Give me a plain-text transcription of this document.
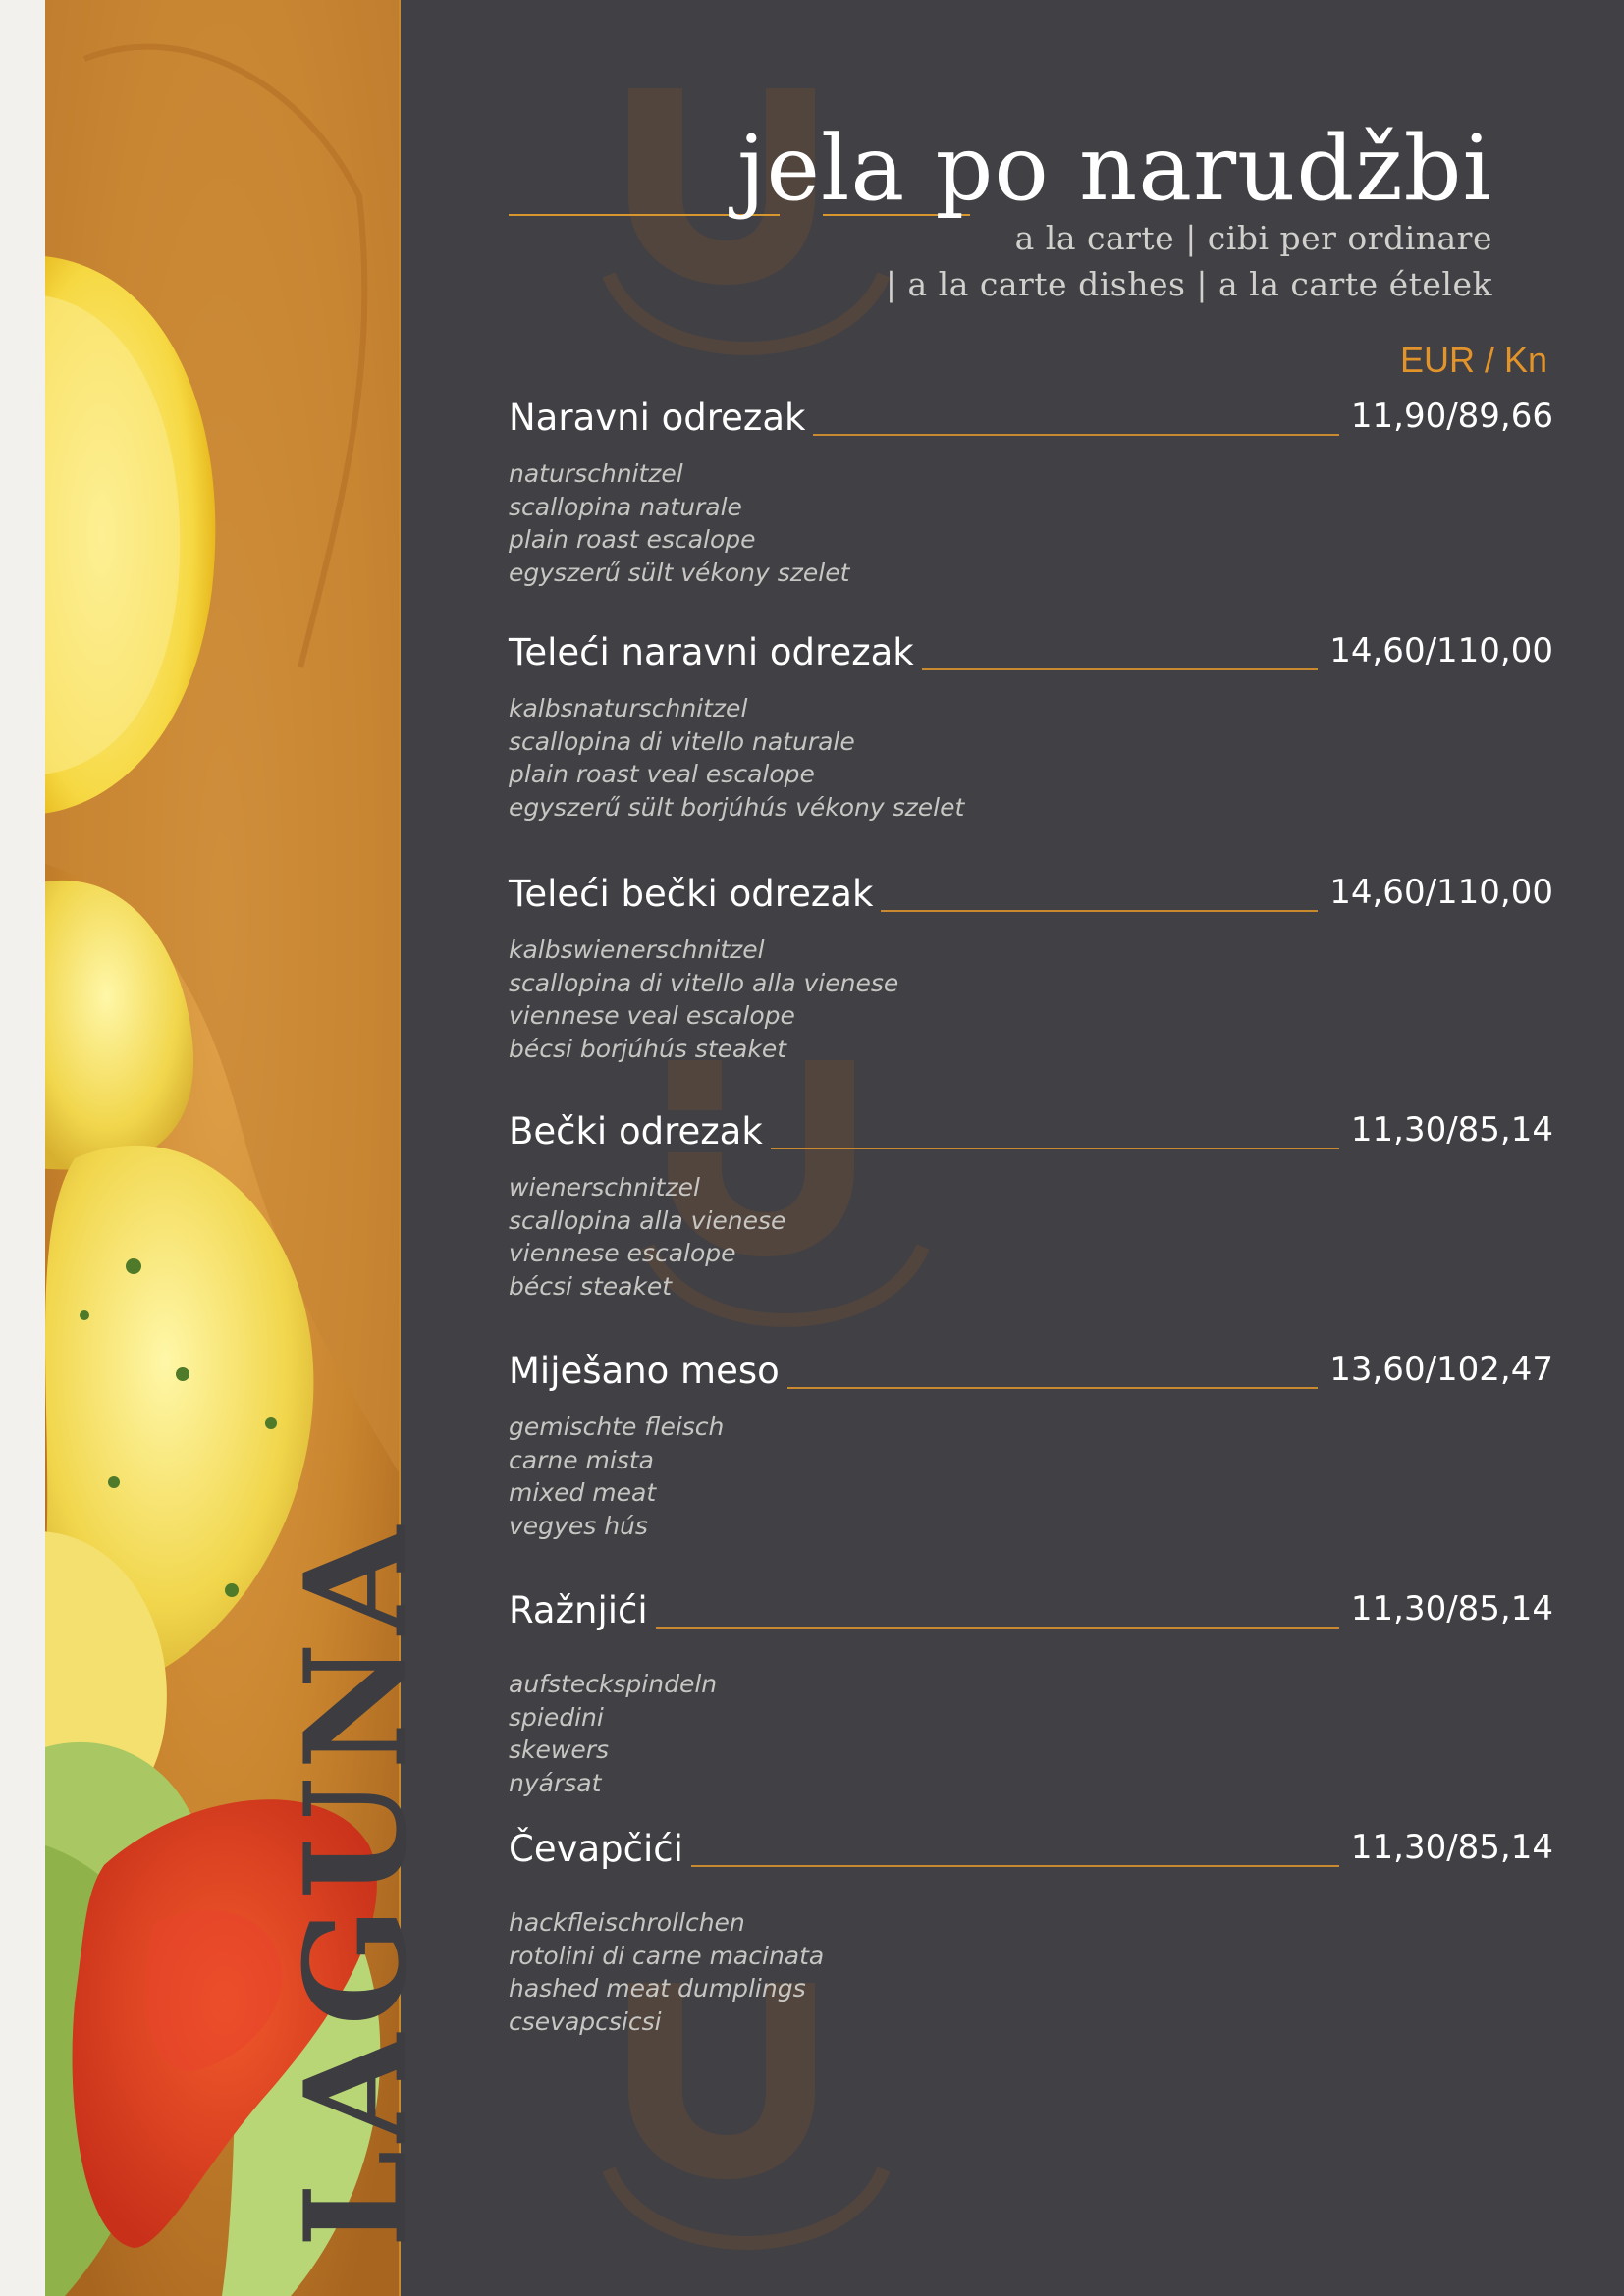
LAGUNA
jela po narudžbi
a la carte | cibi per ordinare
| a la carte dishes | a la carte ételek
EUR / Kn
Naravni odrezak	11,90/89,66
naturschnitzel
scallopina naturale
plain roast escalope
egyszerű sült vékony szelet
Teleći naravni odrezak	14,60/110,00
kalbsnaturschnitzel
scallopina di vitello naturale
plain roast veal escalope
egyszerű sült borjúhús vékony szelet
Teleći bečki odrezak	14,60/110,00
kalbswienerschnitzel
scallopina di vitello alla vienese
viennese veal escalope
bécsi borjúhús steaket
Bečki odrezak	11,30/85,14
wienerschnitzel
scallopina alla vienese
viennese escalope
bécsi steaket
Miješano meso	13,60/102,47
gemischte fleisch
carne mista
mixed meat
vegyes hús
Ražnjići	11,30/85,14
aufsteckspindeln
spiedini
skewers
nyársat
Čevapčići	11,30/85,14
hackfleischrollchen
rotolini di carne macinata
hashed meat dumplings
csevapcsicsi
